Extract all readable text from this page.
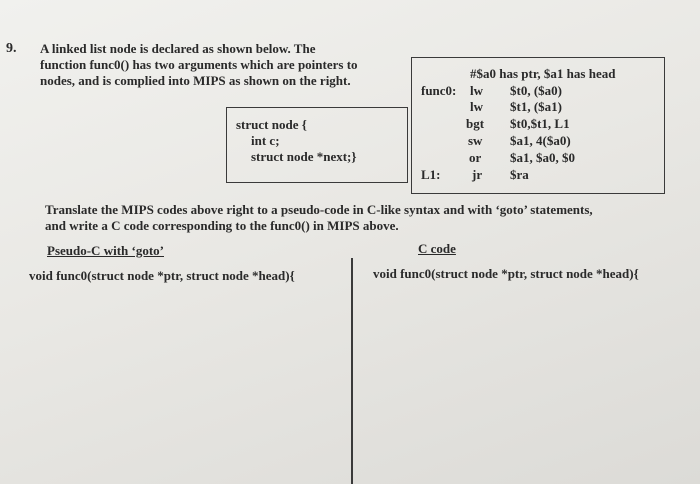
9. A linked list node is declared as shown below. The
function func0() has two arguments which are pointers to
nodes, and is complied into MIPS as shown on the right.	#$a0 has ptr, $a1 has head
func0: lw $t0, ($a0)
lw $t1, ($a1)
bgt $t0,$t1, L1
sw $a1, 4($a0)
or $a1, $a0, $0
L1: jr $ra
struct node {
int c;
struct node *next;}
Translate the MIPS codes above right to a pseudo-code in C-like syntax and with ‘goto’ statements,
and write a C code corresponding to the func0() in MIPS above.
Pseudo-C with ‘goto’	C code
void func0(struct node *ptr, struct node *head){	void func0(struct node *ptr, struct node *head){
